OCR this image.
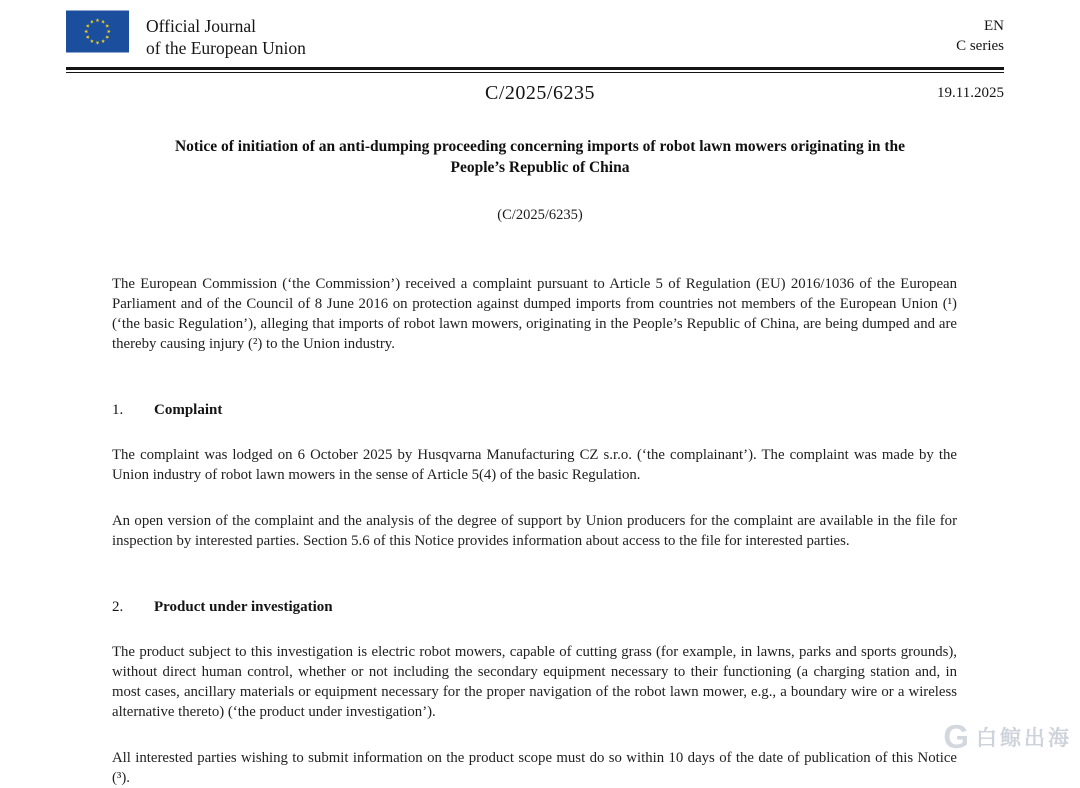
Official Journal
of the European Union
EN
C series
C/2025/6235	19.11.2025
Notice of initiation of an anti-dumping proceeding concerning imports of robot lawn mowers originating in the People’s Republic of China
(C/2025/6235)

The European Commission (‘the Commission’) received a complaint pursuant to Article 5 of Regulation (EU) 2016/1036 of the European Parliament and of the Council of 8 June 2016 on protection against dumped imports from countries not members of the European Union (¹) (‘the basic Regulation’), alleging that imports of robot lawn mowers, originating in the People’s Republic of China, are being dumped and are thereby causing injury (²) to the Union industry.

1.	Complaint

The complaint was lodged on 6 October 2025 by Husqvarna Manufacturing CZ s.r.o. (‘the complainant’). The complaint was made by the Union industry of robot lawn mowers in the sense of Article 5(4) of the basic Regulation.

An open version of the complaint and the analysis of the degree of support by Union producers for the complaint are available in the file for inspection by interested parties. Section 5.6 of this Notice provides information about access to the file for interested parties.

2.	Product under investigation

The product subject to this investigation is electric robot mowers, capable of cutting grass (for example, in lawns, parks and sports grounds), without direct human control, whether or not including the secondary equipment necessary to their functioning (a charging station and, in most cases, ancillary materials or equipment necessary for the proper navigation of the robot lawn mower, e.g., a boundary wire or a wireless alternative thereto) (‘the product under investigation’).

All interested parties wishing to submit information on the product scope must do so within 10 days of the date of publication of this Notice (³).

G 白鲸出海
